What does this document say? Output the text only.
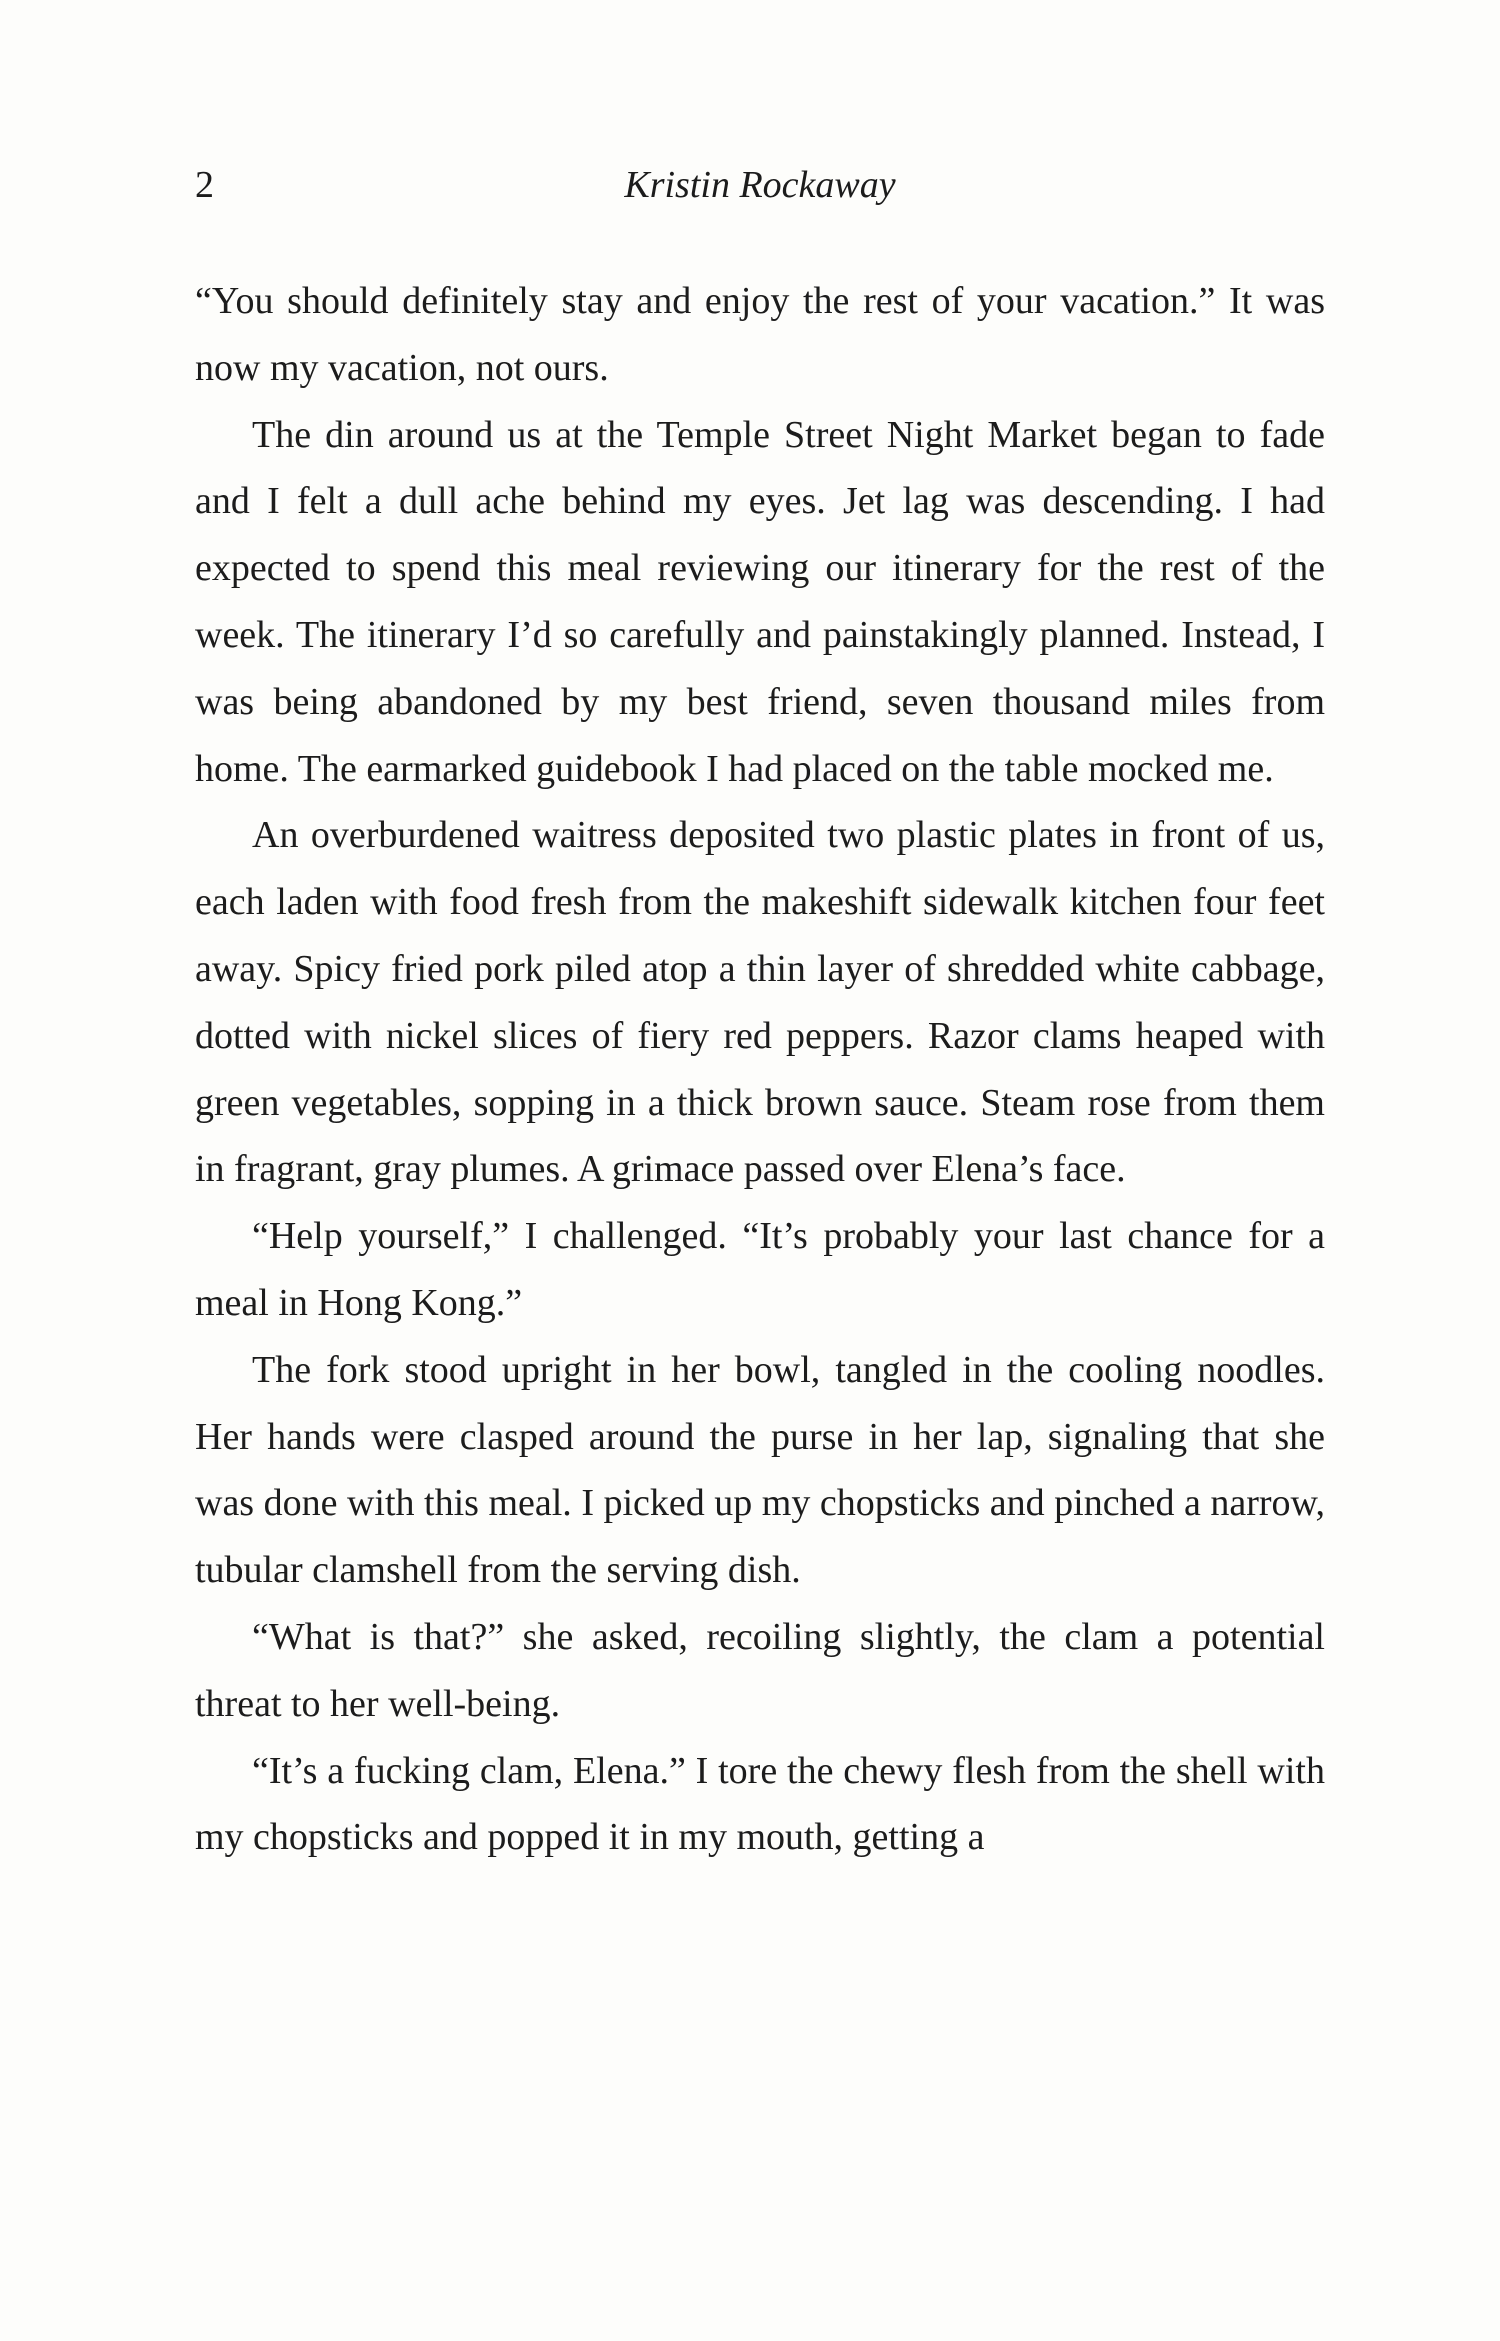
2	Kristin Rockaway

“You should definitely stay and enjoy the rest of your vacation.” It was now my vacation, not ours.

The din around us at the Temple Street Night Market began to fade and I felt a dull ache behind my eyes. Jet lag was descending. I had expected to spend this meal reviewing our itinerary for the rest of the week. The itinerary I’d so carefully and painstakingly planned. Instead, I was being abandoned by my best friend, seven thousand miles from home. The earmarked guidebook I had placed on the table mocked me.

An overburdened waitress deposited two plastic plates in front of us, each laden with food fresh from the makeshift sidewalk kitchen four feet away. Spicy fried pork piled atop a thin layer of shredded white cabbage, dotted with nickel slices of fiery red peppers. Razor clams heaped with green vegetables, sopping in a thick brown sauce. Steam rose from them in fragrant, gray plumes. A grimace passed over Elena’s face.

“Help yourself,” I challenged. “It’s probably your last chance for a meal in Hong Kong.”

The fork stood upright in her bowl, tangled in the cooling noodles. Her hands were clasped around the purse in her lap, signaling that she was done with this meal. I picked up my chopsticks and pinched a narrow, tubular clamshell from the serving dish.

“What is that?” she asked, recoiling slightly, the clam a potential threat to her well-being.

“It’s a fucking clam, Elena.” I tore the chewy flesh from the shell with my chopsticks and popped it in my mouth, getting a
